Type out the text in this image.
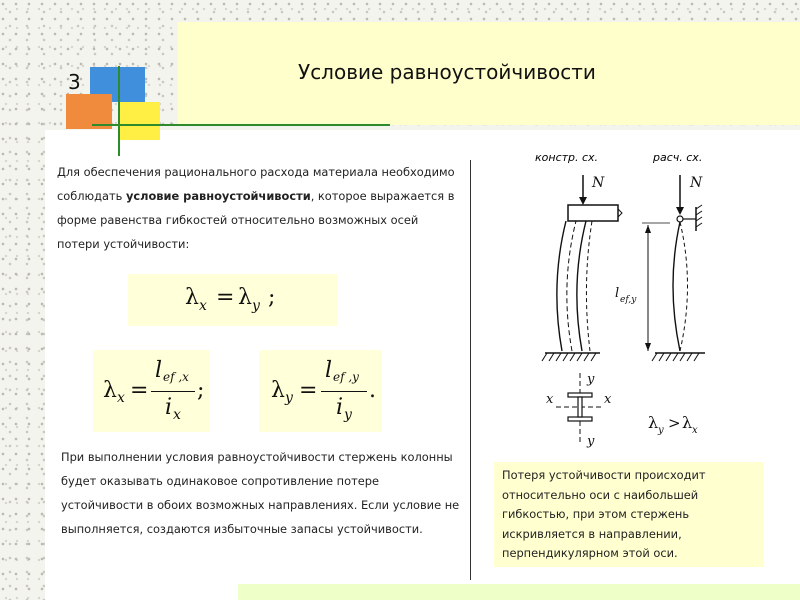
3	Условие равноустойчивости

Для обеспечения рационального расхода материала необходимо соблюдать условие равноустойчивости, которое выражается в форме равенства гибкостей относительно возможных осей потери устойчивости:

λ x = λ y ;
λ x =
l ef ,x
i x
;	λ y =
l ef ,y
i y
.

При выполнении условия равноустойчивости стержень колонны будет оказывать одинаковое сопротивление потере устойчивости в обоих возможных направлениях. Если условие не выполняется, создаются избыточные запасы устойчивости.

констр. сх.	расч. сх.
N	N
l ef,y
y
y
x	x
λ y > λ x

Потеря устойчивости происходит относительно оси с наибольшей гибкостью, при этом стержень искривляется в направлении, перпендикулярном этой оси.
